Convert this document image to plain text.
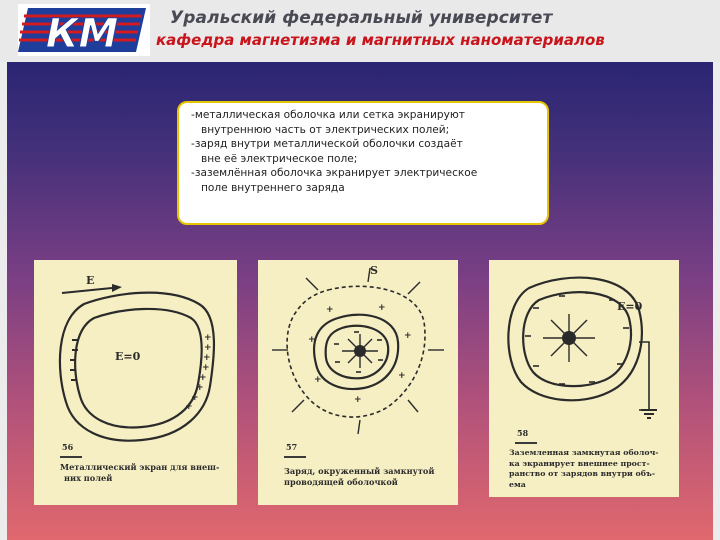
КМ	Уральский федеральный университет
кафедра магнетизма и магнитных наноматериалов

-металлическая оболочка или сетка экранируют

внутреннюю часть от электрических полей;

-заряд внутри металлической оболочки создаёт

вне её электрическое поле;

-заземлённая оболочка экранирует электрическое

поле внутреннего заряда

E
E=0
+
+
+
+
+
+
+
+
56
Металлический экран для внеш-
них полей
S
+	+
+
+
+
+
+
57
Заряд, окруженный замкнутой
проводящей оболочкой
E=0
58
Заземленная замкнутая оболоч-
ка экранирует внешнее прост-
ранство от зарядов внутри объ-
ема
